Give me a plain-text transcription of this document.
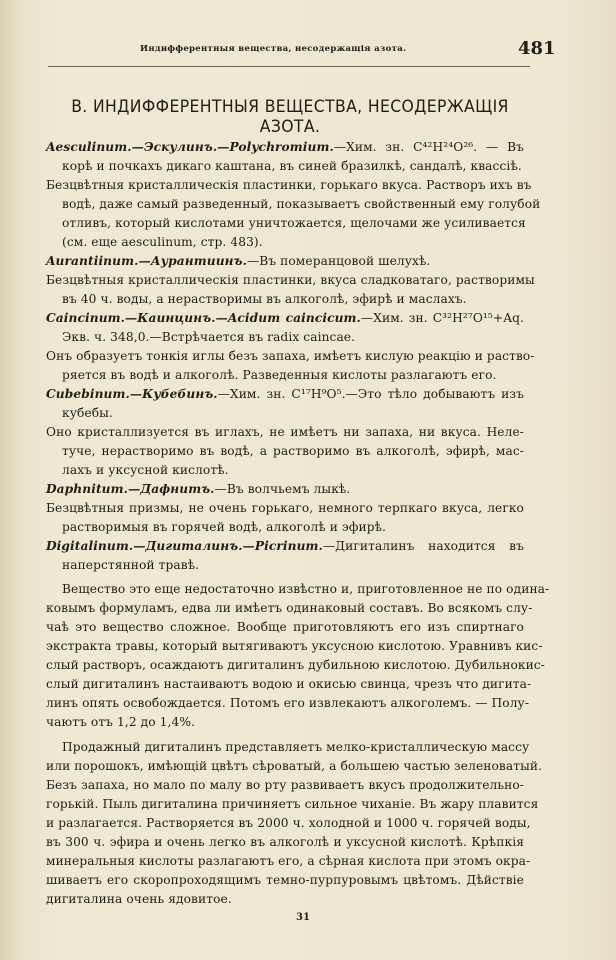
Индифферентныя вещества, несодержащія азота.	481
B. ИНДИФФЕРЕНТНЫЯ ВЕЩЕСТВА, НЕСОДЕРЖАЩІЯ АЗОТА.
Aesculinum.—Эскулинъ.—Polychromium.—Хим. зн. C⁴²H²⁴O²⁶. — Въ
корѣ и почкахъ дикаго каштана, въ синей бразилкѣ, сандалѣ, квассіѣ.
Безцвѣтныя кристаллическія пластинки, горькаго вкуса. Растворъ ихъ въ
водѣ, даже самый разведенный, показываетъ свойственный ему голубой
отливъ, который кислотами уничтожается, щелочами же усиливается
(см. еще aesculinum, стр. 483).
Aurantiinum.—Аурантиинъ.—Въ померанцовой шелухѣ.
Безцвѣтныя кристаллическія пластинки, вкуса сладковатаго, растворимы
въ 40 ч. воды, а нерастворимы въ алкоголѣ, эфирѣ и маслахъ.
Caincinum.—Каинцинъ.—Acidum caincicum.—Хим. зн. C³²H²⁷O¹⁵+Aq.
Экв. ч. 348,0.—Встрѣчается въ radix caincae.
Онъ образуетъ тонкія иглы безъ запаха, имѣетъ кислую реакцію и раство-
ряется въ водѣ и алкоголѣ. Разведенныя кислоты разлагаютъ его.
Cubebinum.—Кубебинъ.—Хим. зн. C¹⁷H⁹O⁵.—Это тѣло добываютъ изъ
кубебы.
Оно кристаллизуется въ иглахъ, не имѣетъ ни запаха, ни вкуса. Неле-
туче, нерастворимо въ водѣ, а растворимо въ алкоголѣ, эфирѣ, мас-
лахъ и уксусной кислотѣ.
Daphnitum.—Дафнитъ.—Въ волчьемъ лыкѣ.
Безцвѣтныя призмы, не очень горькаго, немного терпкаго вкуса, легко
растворимыя въ горячей водѣ, алкоголѣ и эфирѣ.
Digitalinum.—Дигиталинъ.—Picrinum.—Дигиталинъ находится въ
наперстянной травѣ.
Вещество это еще недостаточно извѣстно и, приготовленное не по одина-
ковымъ формуламъ, едва ли имѣетъ одинаковый составъ. Во всякомъ слу-
чаѣ это вещество сложное. Вообще приготовляютъ его изъ спиртнаго
экстракта травы, который вытягиваютъ уксусною кислотою. Уравнивъ кис-
слый растворъ, осаждаютъ дигиталинъ дубильною кислотою. Дубильнокис-
слый дигиталинъ настаиваютъ водою и окисью свинца, чрезъ что дигита-
линъ опять освобождается. Потомъ его извлекаютъ алкоголемъ. — Полу-
чаютъ отъ 1,2 до 1,4%.
Продажный дигиталинъ представляетъ мелко-кристаллическую массу
или порошокъ, имѣющій цвѣтъ сѣроватый, а большею частью зеленоватый.
Безъ запаха, но мало по малу во рту развиваетъ вкусъ продолжительно-
горькій. Пыль дигиталина причиняетъ сильное чиханіе. Въ жару плавится
и разлагается. Растворяется въ 2000 ч. холодной и 1000 ч. горячей воды,
въ 300 ч. эфира и очень легко въ алкоголѣ и уксусной кислотѣ. Крѣпкія
минеральныя кислоты разлагаютъ его, а сѣрная кислота при этомъ окра-
шиваетъ его скоропроходящимъ темно-пурпуровымъ цвѣтомъ. Дѣйствіе
дигиталина очень ядовитое.
31
